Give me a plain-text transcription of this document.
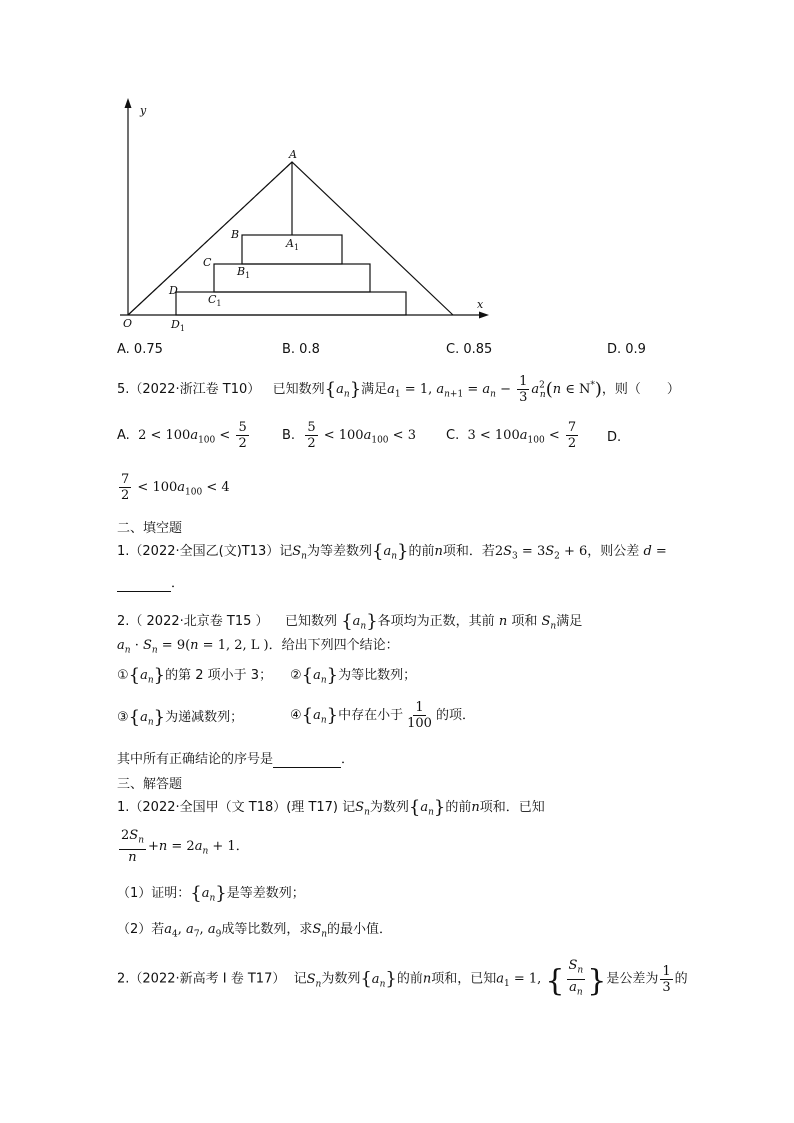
y
x
O
A
B
C
D
$A_1$
$B_1$
$C_1$
$D_1$
A. 0.75	B. 0.8	C. 0.85	D. 0.9
5.（2022·浙江卷 T10） 已知数列$\{a_n\}$满足$a_1 = 1$, $a_{n+1} = a_n - \frac{1}{3} a^2_n(n$ ∈ N*)，则（　　）
A. $2 < 100a_{100} < \frac{5}{2}$	B. $\frac{5}{2} < 100a_{100} < 3$ C. $3 < 100a_{100} < \frac{7}{2} D$.
$\frac{7}{2} < 100a_{100} < 4$
二、填空题
1.（2022·全国乙(文)T13）记$S_n$为等差数列$\{a_n\}$的前n项和．若$2S_3 = 3S_2 + 6$，则公差 d =
．
2.（ 2022·北京卷 T15 ） 已知数列 $\{a_n\}$各项均为正数，其前 n 项和 $S_n$满足
$a_n \cdot S_n = 9(n = 1$, 2, L )．给出下列四个结论：
$①\{a_n\}$的第 2 项小于 3； $②\{a_n\}$为等比数列；
$③\{a_n\}$为递减数列；	$④\{a_n\}$中存在小于 $\frac{1}{100}$ 的项．
其中所有正确结论的序号是	．
三、解答题
1.（2022·全国甲（文 T18）(理 T17) 记$S_n$为数列$\{a_n\}$的前n项和．已知
$\frac{2S_n}{n} +n = 2a_n + 1$．
（1）证明：$\{a_n\}$是等差数列；
（2）若$a_4$, $a_7$, $a_9$成等比数列，求$S_n$的最小值．
2.（2022·新高考 I 卷 T17） 记$S_n$为数列$\{a_n\}$的前n项和，已知$a_1 = 1$, { $\frac{S_n}{a_n}$ }是公差为 $\frac{1}{3}$ 的
